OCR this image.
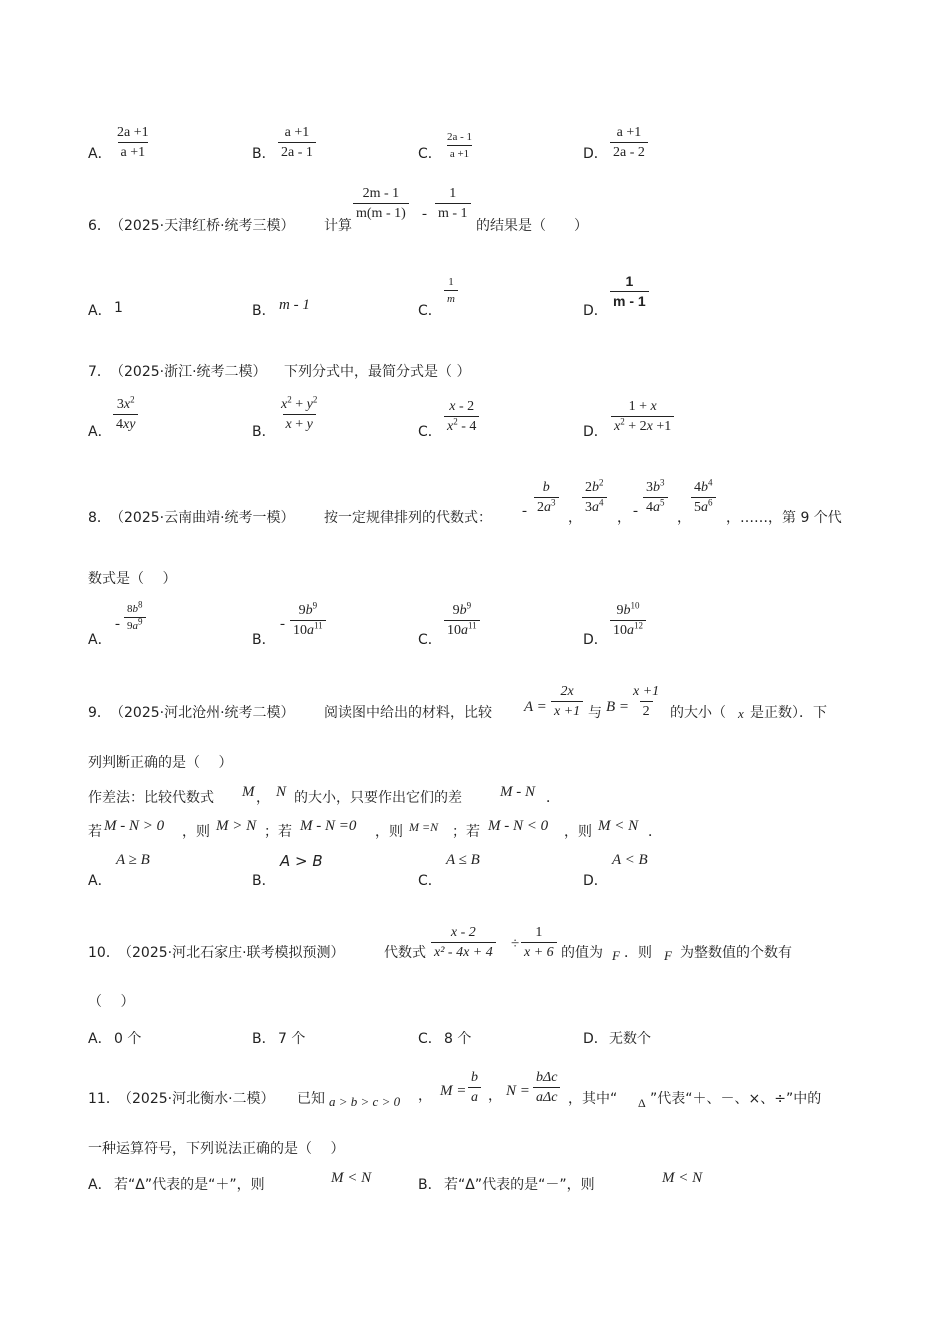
A． $\frac{2a +1}{a +1}$	B． $\frac{a +1}{2a - 1}$	C． $\frac{2a - 1}{a +1}$	D． $\frac{a +1}{2a - 2}$
6． （2025·天津红桥·统考三模） 计算
$\frac{2m - 1}{m(m - 1)} - \frac{1}{m - 1}$
的结果是（　　）
A． 1	B． m - 1	C．
$\frac{1}{m}$
D．
$\frac{1}{m - 1}$
7． （2025·浙江·统考二模） 下列分式中，最简分式是（ ）
A． $\frac{3x^2}{4xy}$	B． $\frac{x^2 + y^2}{x + y}$	C． $\frac{x - 2}{x^2 - 4}$	D． $\frac{1 + x}{x^2 + 2x +1}$
8． （2025·云南曲靖·统考一模） 按一定规律排列的代数式： - $\frac{b}{2a^3}$
，
$\frac{2b^2}{3a^4}$
， - $\frac{3b^3}{4a^5}$
，
$\frac{4b^4}{5a^6}$
，……，第 9 个代
数式是（　 ）
A．
- $\frac{8b^8}{9a^9}$
B．
- $\frac{9b^9}{10a^{11}}$
C．
$\frac{9b^9}{10a^{11}}$
D．
$\frac{9b^{10}}{10a^{12}}$
9． （2025·河北沧州·统考二模） 阅读图中给出的材料，比较 $A = \frac{2x}{x +1}$ 与 $B = \frac{x +1}{2}$ 的大小（ x 是正数）．下
列判断正确的是（　 ）
作差法：比较代数式 M ， N 的大小，只要作出它们的差	M - N ．
若 M - N > 0 ，则 M > N ；若 M - N =0 ，则 M =N ；若 M - N < 0 ，则 M < N ．
A．
A ≥ B
B．
A > B
C．
A ≤ B
D．
A < B
10．
（2025·河北石家庄·联考模拟预测）	代数式 $\frac{x - 2}{\text{x² - 4x + 4}} \div \frac{1}{x + 6}$ 的值为 F ．则 F 为整数值的个数有
（　 ）
A． 0 个	B． 7 个	C． 8 个	D． 无数个
11．
（2025·河北衡水·二模） 已知 a > b > c > 0 ， $M = \frac{b}{a}$ ， N =
bΔc
aΔc ，其中“ Δ ”代表“＋、－、×、÷”中的
一种运算符号，下列说法正确的是（　 ）
A． 若“Δ”代表的是“＋”，则	M < N	B． 若“Δ”代表的是“－”，则	M < N
